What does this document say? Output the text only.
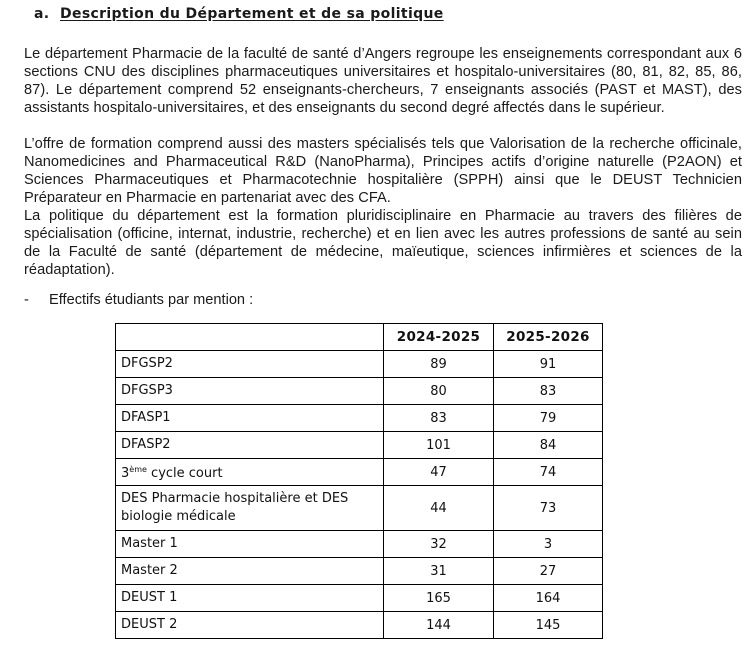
a. Description du Département et de sa politique

Le département Pharmacie de la faculté de santé d’Angers regroupe les enseignements correspondant aux 6 sections CNU des disciplines pharmaceutiques universitaires et hospitalo-universitaires (80, 81, 82, 85, 86, 87). Le département comprend 52 enseignants-chercheurs, 7 enseignants associés (PAST et MAST), des assistants hospitalo-universitaires, et des enseignants du second degré affectés dans le supérieur.

L’offre de formation comprend aussi des masters spécialisés tels que Valorisation de la recherche officinale, Nanomedicines and Pharmaceutical R&D (NanoPharma), Principes actifs d’origine naturelle (P2AON) et Sciences Pharmaceutiques et Pharmacotechnie hospitalière (SPPH) ainsi que le DEUST Technicien Préparateur en Pharmacie en partenariat avec des CFA.

La politique du département est la formation pluridisciplinaire en Pharmacie au travers des filières de spécialisation (officine, internat, industrie, recherche) et en lien avec les autres professions de santé au sein de la Faculté de santé (département de médecine, maïeutique, sciences infirmières et sciences de la réadaptation).

- Effectifs étudiants par mention :
	2024-2025	2025-2026
DFGSP2	89	91
DFGSP3	80	83
DFASP1	83	79
DFASP2	101	84
3ème cycle court	47	74
DES Pharmacie hospitalière et DES biologie médicale	44	73
Master 1	32	3
Master 2	31	27
DEUST 1	165	164
DEUST 2	144	145
